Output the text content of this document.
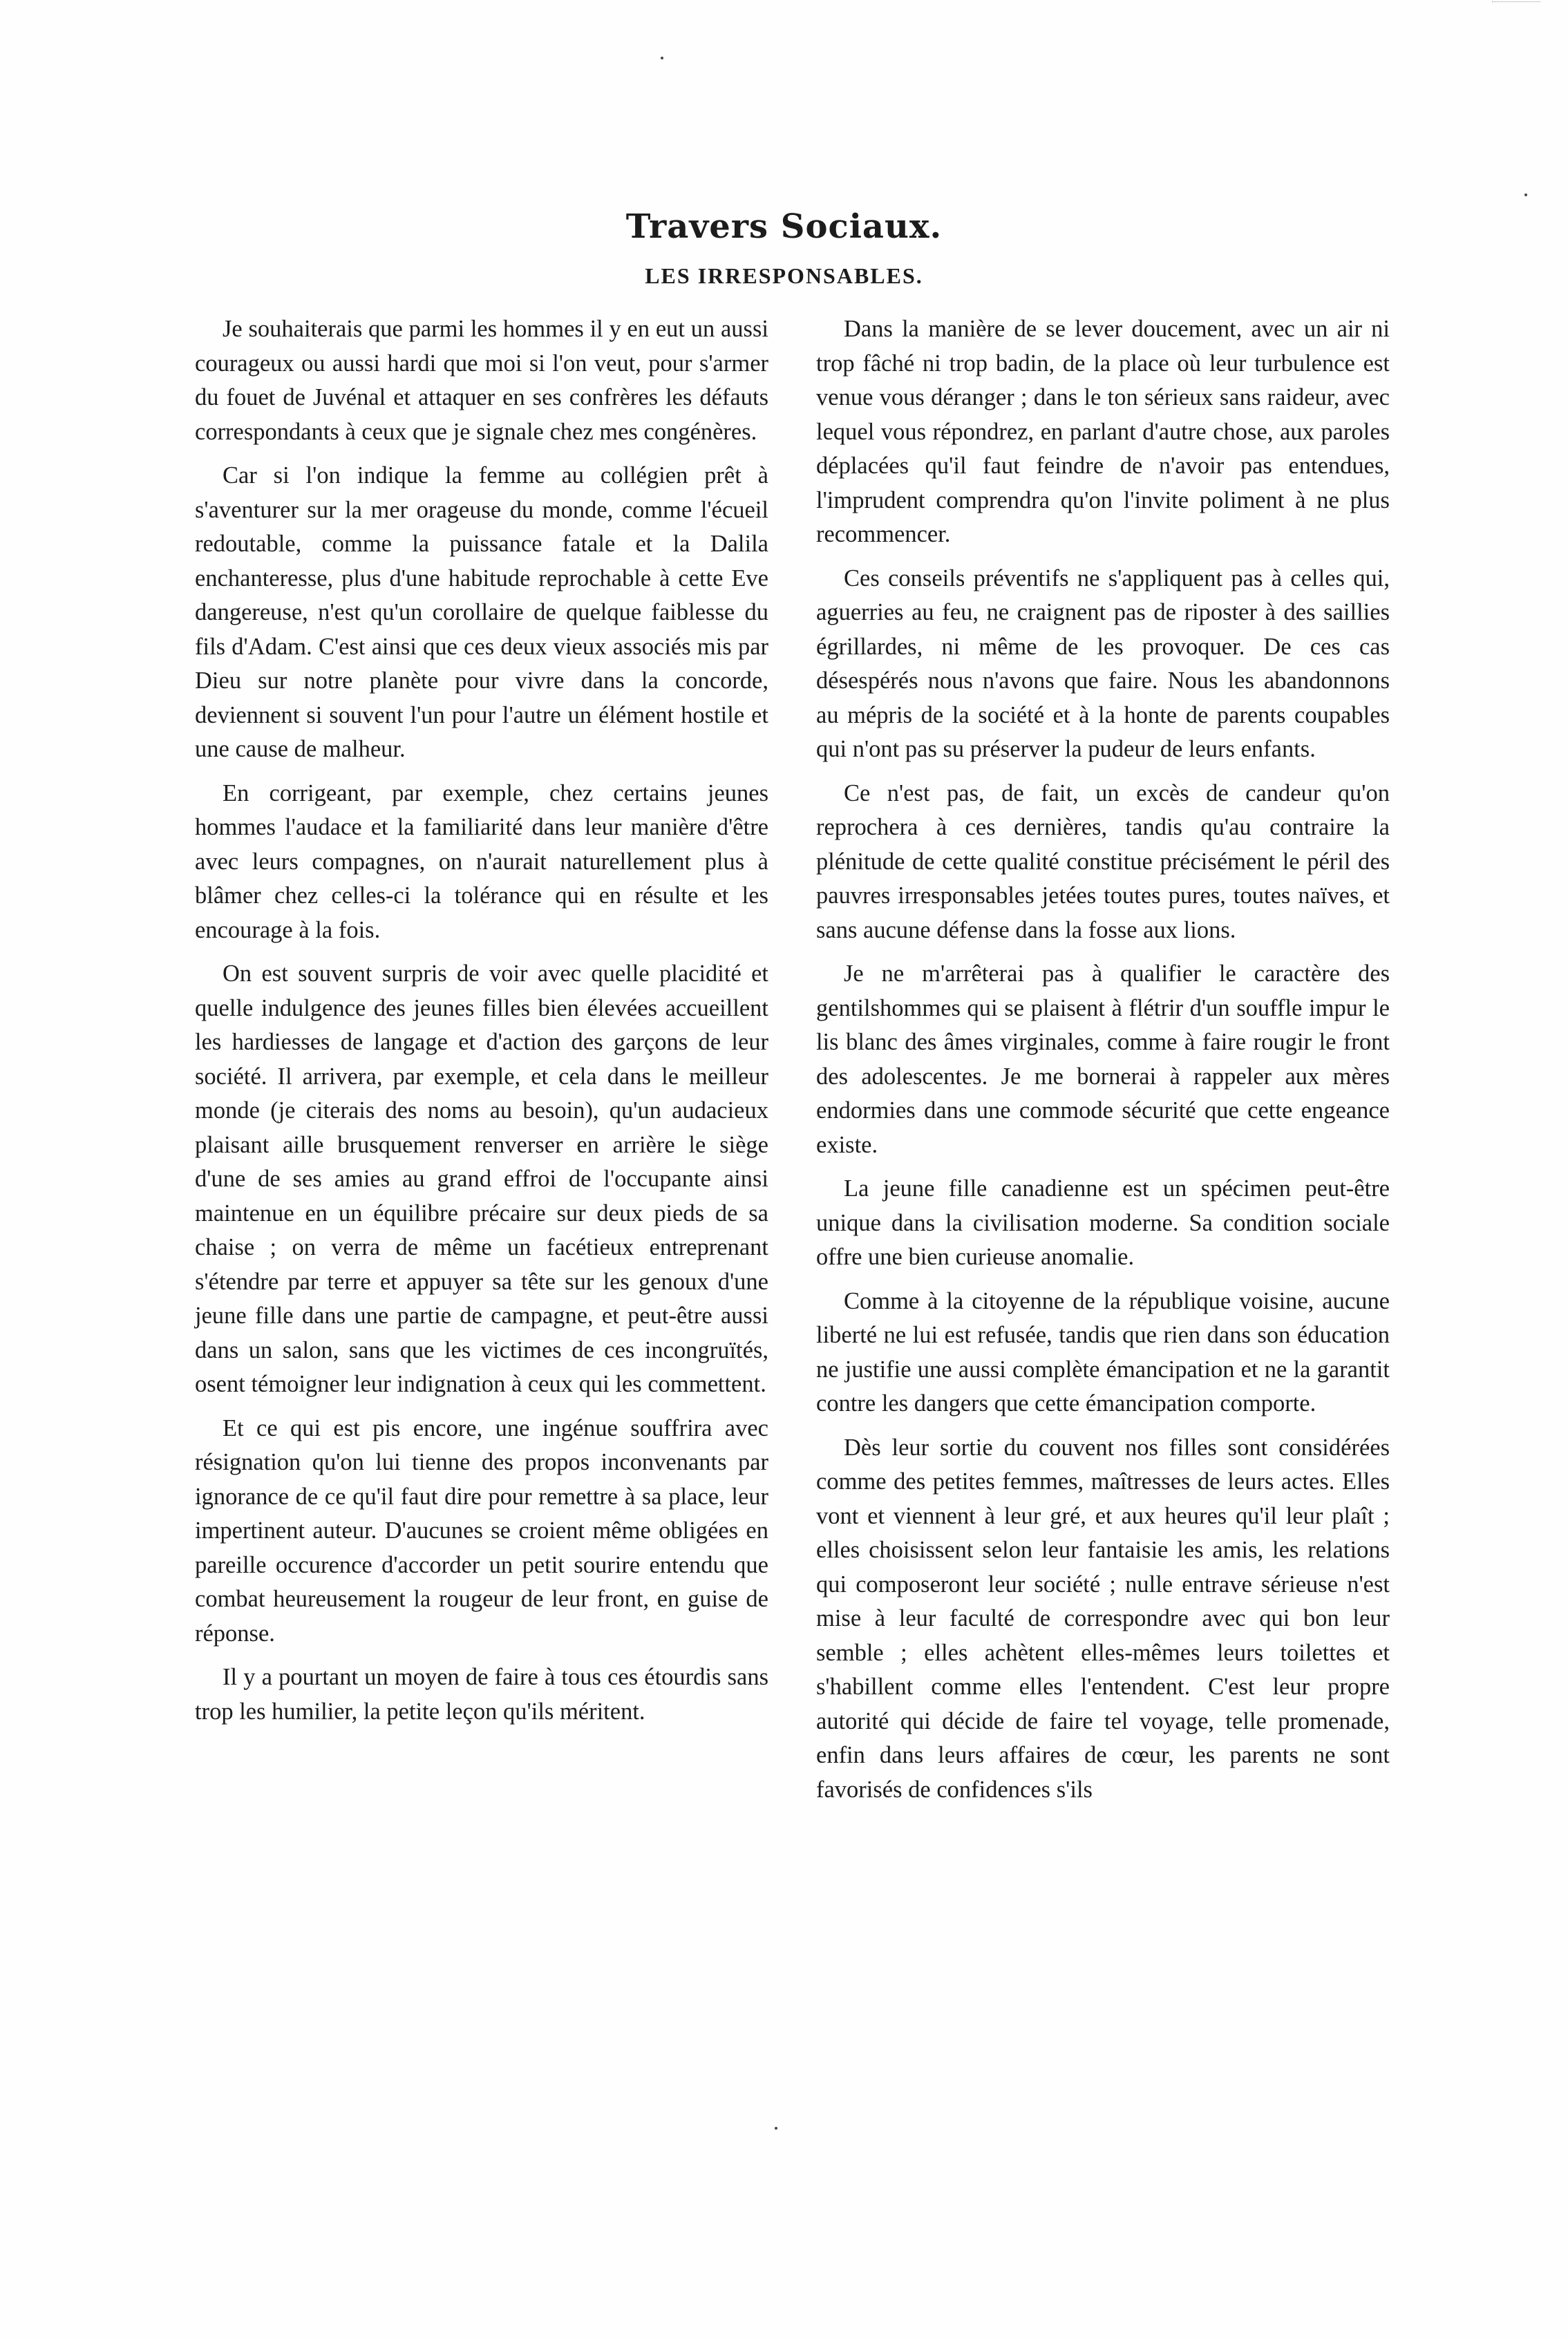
Travers Sociaux.
LES IRRESPONSABLES.

Je souhaiterais que parmi les hommes il y en eut un aussi courageux ou aussi hardi que moi si l'on veut, pour s'armer du fouet de Juvénal et attaquer en ses confrères les défauts correspondants à ceux que je signale chez mes congénères.

Car si l'on indique la femme au collégien prêt à s'aventurer sur la mer orageuse du monde, comme l'écueil redoutable, comme la puissance fatale et la Dalila enchanteresse, plus d'une habitude reprochable à cette Eve dangereuse, n'est qu'un corollaire de quelque faiblesse du fils d'Adam. C'est ainsi que ces deux vieux associés mis par Dieu sur notre planète pour vivre dans la concorde, deviennent si souvent l'un pour l'autre un élément hostile et une cause de malheur.

En corrigeant, par exemple, chez certains jeunes hommes l'audace et la familiarité dans leur manière d'être avec leurs compagnes, on n'aurait naturellement plus à blâmer chez celles-ci la tolérance qui en résulte et les encourage à la fois.

On est souvent surpris de voir avec quelle placidité et quelle indulgence des jeunes filles bien élevées accueillent les hardiesses de langage et d'action des garçons de leur société. Il arrivera, par exemple, et cela dans le meilleur monde (je citerais des noms au besoin), qu'un audacieux plaisant aille brusquement renverser en arrière le siège d'une de ses amies au grand effroi de l'occupante ainsi maintenue en un équilibre précaire sur deux pieds de sa chaise ; on verra de même un facétieux entreprenant s'étendre par terre et appuyer sa tête sur les genoux d'une jeune fille dans une partie de campagne, et peut-être aussi dans un salon, sans que les victimes de ces incongruïtés, osent témoigner leur indignation à ceux qui les commettent.

Et ce qui est pis encore, une ingénue souffrira avec résignation qu'on lui tienne des propos inconvenants par ignorance de ce qu'il faut dire pour remettre à sa place, leur impertinent auteur. D'aucunes se croient même obligées en pareille occurence d'accorder un petit sourire entendu que combat heureusement la rougeur de leur front, en guise de réponse.

Il y a pourtant un moyen de faire à tous ces étourdis sans trop les humilier, la petite leçon qu'ils méritent.

Dans la manière de se lever doucement, avec un air ni trop fâché ni trop badin, de la place où leur turbulence est venue vous déranger ; dans le ton sérieux sans raideur, avec lequel vous répondrez, en parlant d'autre chose, aux paroles déplacées qu'il faut feindre de n'avoir pas entendues, l'imprudent comprendra qu'on l'invite poliment à ne plus recommencer.

Ces conseils préventifs ne s'appliquent pas à celles qui, aguerries au feu, ne craignent pas de riposter à des saillies égrillardes, ni même de les provoquer. De ces cas désespérés nous n'avons que faire. Nous les abandonnons au mépris de la société et à la honte de parents coupables qui n'ont pas su préserver la pudeur de leurs enfants.

Ce n'est pas, de fait, un excès de candeur qu'on reprochera à ces dernières, tandis qu'au contraire la plénitude de cette qualité constitue précisément le péril des pauvres irresponsables jetées toutes pures, toutes naïves, et sans aucune défense dans la fosse aux lions.

Je ne m'arrêterai pas à qualifier le caractère des gentilshommes qui se plaisent à flétrir d'un souffle impur le lis blanc des âmes virginales, comme à faire rougir le front des adolescentes. Je me bornerai à rappeler aux mères endormies dans une commode sécurité que cette engeance existe.

La jeune fille canadienne est un spécimen peut-être unique dans la civilisation moderne. Sa condition sociale offre une bien curieuse anomalie.

Comme à la citoyenne de la république voisine, aucune liberté ne lui est refusée, tandis que rien dans son éducation ne justifie une aussi complète émancipation et ne la garantit contre les dangers que cette émancipation comporte.

Dès leur sortie du couvent nos filles sont considérées comme des petites femmes, maîtresses de leurs actes. Elles vont et viennent à leur gré, et aux heures qu'il leur plaît ; elles choisissent selon leur fantaisie les amis, les relations qui composeront leur société ; nulle entrave sérieuse n'est mise à leur faculté de correspondre avec qui bon leur semble ; elles achètent elles-mêmes leurs toilettes et s'habillent comme elles l'entendent. C'est leur propre autorité qui décide de faire tel voyage, telle promenade, enfin dans leurs affaires de cœur, les parents ne sont favorisés de confidences s'ils
